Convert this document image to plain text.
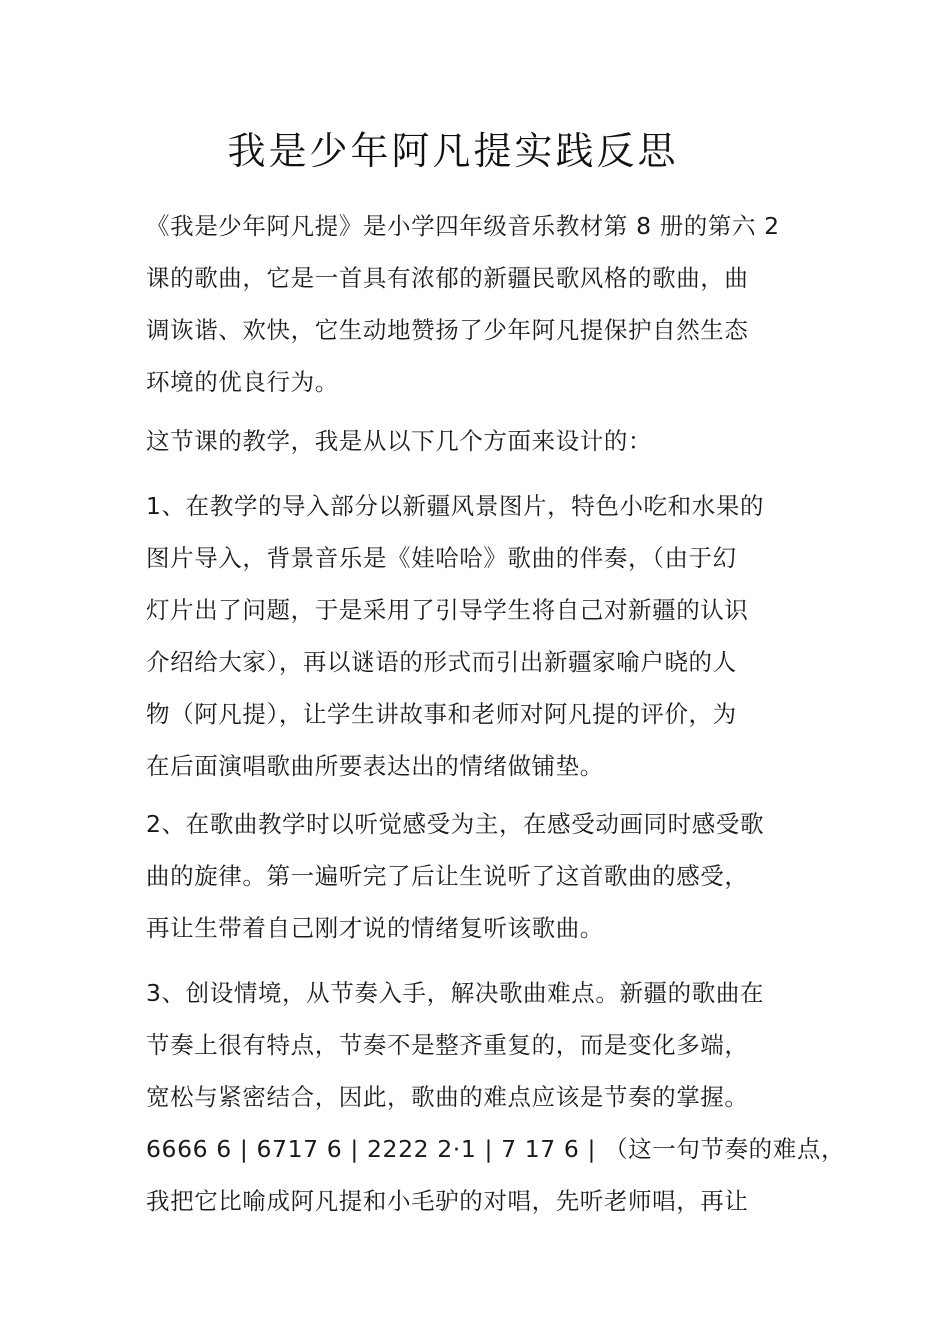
我是少年阿凡提实践反思
《我是少年阿凡提》是小学四年级音乐教材第 8 册的第六 2
课的歌曲，它是一首具有浓郁的新疆民歌风格的歌曲，曲
调诙谐、欢快，它生动地赞扬了少年阿凡提保护自然生态
环境的优良行为。
这节课的教学，我是从以下几个方面来设计的：
1、在教学的导入部分以新疆风景图片，特色小吃和水果的
图片导入，背景音乐是《娃哈哈》歌曲的伴奏，（由于幻
灯片出了问题，于是采用了引导学生将自己对新疆的认识
介绍给大家），再以谜语的形式而引出新疆家喻户晓的人
物（阿凡提），让学生讲故事和老师对阿凡提的评价，为
在后面演唱歌曲所要表达出的情绪做铺垫。
2、在歌曲教学时以听觉感受为主，在感受动画同时感受歌
曲的旋律。第一遍听完了后让生说听了这首歌曲的感受，
再让生带着自己刚才说的情绪复听该歌曲。
3、创设情境，从节奏入手，解决歌曲难点。新疆的歌曲在
节奏上很有特点，节奏不是整齐重复的，而是变化多端，
宽松与紧密结合，因此，歌曲的难点应该是节奏的掌握。
6666 6 | 6717 6 | 2222 2·1 | 7 17 6 | （这一句节奏的难点，
我把它比喻成阿凡提和小毛驴的对唱，先听老师唱，再让
